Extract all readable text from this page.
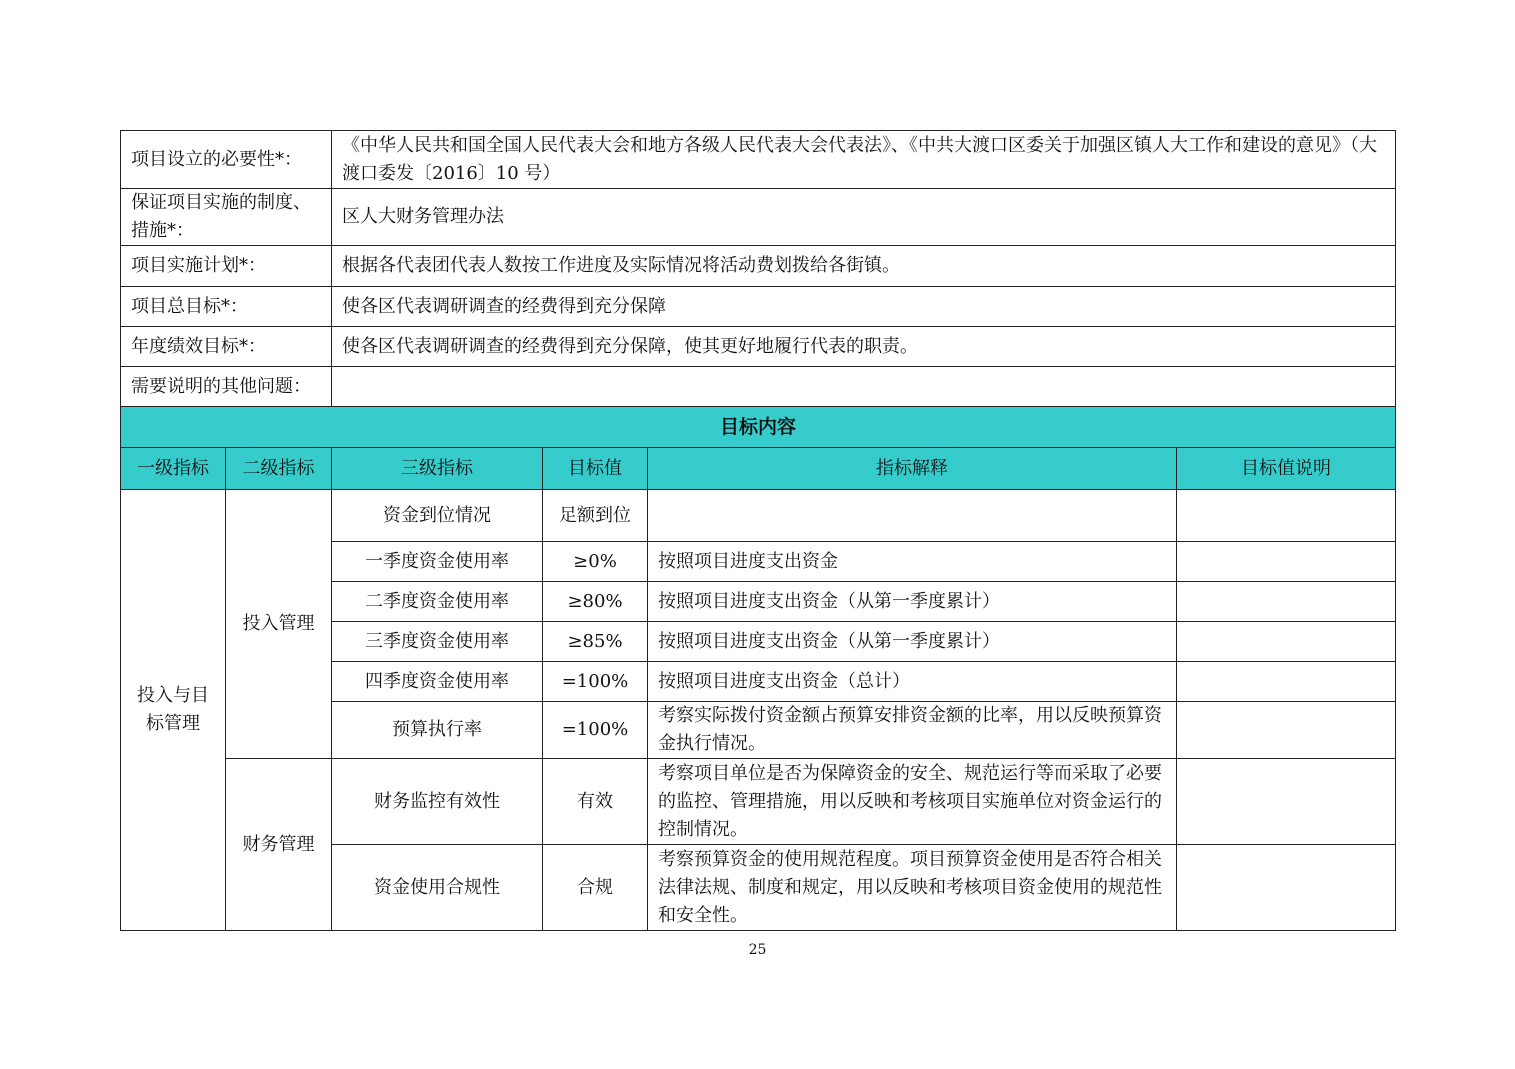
项目设立的必要性*：		《中华人民共和国全国人民代表大会和地方各级人民代表大会代表法》、《中共大渡口区委关于加强区镇人大工作和建设的意见》（大渡口委发〔2016〕10 号）			
保证项目实施的制度、措施*：		区人大财务管理办法			
项目实施计划*：		根据各代表团代表人数按工作进度及实际情况将活动费划拨给各街镇。			
项目总目标*：		使各区代表调研调查的经费得到充分保障			
年度绩效目标*：		使各区代表调研调查的经费得到充分保障，使其更好地履行代表的职责。			
需要说明的其他问题：					
目标内容					
一级指标	二级指标	三级指标	目标值	指标解释	目标值说明
投入与目标管理	投入管理	资金到位情况	足额到位		
		一季度资金使用率	≥0%	按照项目进度支出资金	
		二季度资金使用率	≥80%	按照项目进度支出资金（从第一季度累计）	
		三季度资金使用率	≥85%	按照项目进度支出资金（从第一季度累计）	
		四季度资金使用率	=100%	按照项目进度支出资金（总计）	
		预算执行率	=100%	考察实际拨付资金额占预算安排资金额的比率，用以反映预算资金执行情况。	
	财务管理	财务监控有效性	有效	考察项目单位是否为保障资金的安全、规范运行等而采取了必要的监控、管理措施，用以反映和考核项目实施单位对资金运行的控制情况。	
		资金使用合规性	合规	考察预算资金的使用规范程度。项目预算资金使用是否符合相关法律法规、制度和规定，用以反映和考核项目资金使用的规范性和安全性。	
25
